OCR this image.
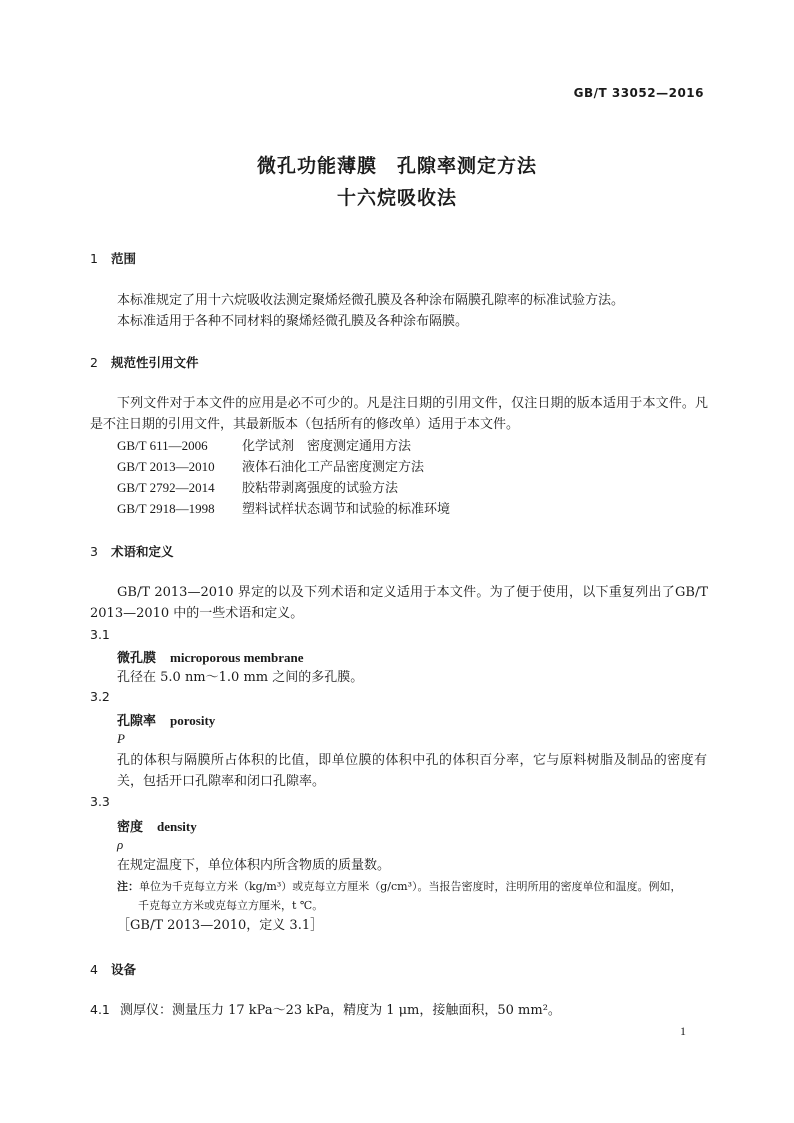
GB/T 33052—2016
微孔功能薄膜　孔隙率测定方法
十六烷吸收法
1 范围
本标准规定了用十六烷吸收法测定聚烯烃微孔膜及各种涂布隔膜孔隙率的标准试验方法。
本标准适用于各种不同材料的聚烯烃微孔膜及各种涂布隔膜。
2 规范性引用文件
下列文件对于本文件的应用是必不可少的。凡是注日期的引用文件，仅注日期的版本适用于本文件。凡是不注日期的引用文件，其最新版本（包括所有的修改单）适用于本文件。
GB/T 611—2006	化学试剂　密度测定通用方法
GB/T 2013—2010 液体石油化工产品密度测定方法
GB/T 2792—2014 胶粘带剥离强度的试验方法
GB/T 2918—1998 塑料试样状态调节和试验的标准环境
3 术语和定义
GB/T 2013—2010 界定的以及下列术语和定义适用于本文件。为了便于使用，以下重复列出了GB/T 2013—2010 中的一些术语和定义。
3.1
微孔膜 microporous membrane
孔径在 5.0 nm～1.0 mm 之间的多孔膜。
3.2
孔隙率 porosity
P
孔的体积与隔膜所占体积的比值，即单位膜的体积中孔的体积百分率，它与原料树脂及制品的密度有关，包括开口孔隙率和闭口孔隙率。
3.3
密度 density
ρ
在规定温度下，单位体积内所含物质的质量数。
注：单位为千克每立方米（kg/m³）或克每立方厘米（g/cm³）。当报告密度时，注明所用的密度单位和温度。例如，
千克每立方米或克每立方厘米，t ℃。
［GB/T 2013—2010，定义 3.1］
4 设备
4.1 测厚仪：测量压力 17 kPa～23 kPa，精度为 1 μm，接触面积，50 mm²。
1
